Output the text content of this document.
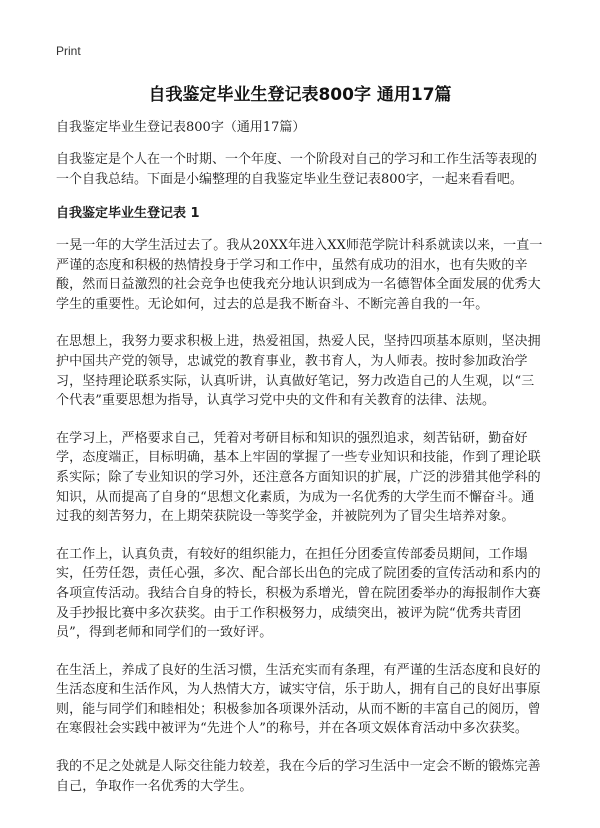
Print
自我鉴定毕业生登记表800字 通用17篇

自我鉴定毕业生登记表800字（通用17篇）

自我鉴定是个人在一个时期、一个年度、一个阶段对自己的学习和工作生活等表现的一个自我总结。下面是小编整理的自我鉴定毕业生登记表800字，一起来看看吧。

自我鉴定毕业生登记表 1

一晃一年的大学生活过去了。我从20XX年进入XX师范学院计科系就读以来，一直一严谨的态度和积极的热情投身于学习和工作中，虽然有成功的泪水，也有失败的辛酸，然而日益激烈的社会竞争也使我充分地认识到成为一名德智体全面发展的优秀大学生的重要性。无论如何，过去的总是我不断奋斗、不断完善自我的一年。

在思想上，我努力要求积极上进，热爱祖国，热爱人民，坚持四项基本原则，坚决拥护中国共产党的领导，忠诚党的教育事业，教书育人，为人师表。按时参加政治学习，坚持理论联系实际，认真听讲，认真做好笔记，努力改造自己的人生观，以“三个代表”重要思想为指导，认真学习党中央的文件和有关教育的法律、法规。

在学习上，严格要求自己，凭着对考研目标和知识的强烈追求，刻苦钻研，勤奋好学，态度端正，目标明确，基本上牢固的掌握了一些专业知识和技能，作到了理论联系实际；除了专业知识的学习外，还注意各方面知识的扩展，广泛的涉猎其他学科的知识，从而提高了自身的“思想文化素质，为成为一名优秀的大学生而不懈奋斗。通过我的刻苦努力，在上期荣获院设一等奖学金，并被院列为了冒尖生培养对象。

在工作上，认真负责，有较好的组织能力，在担任分团委宣传部委员期间，工作塌实，任劳任怨，责任心强，多次、配合部长出色的完成了院团委的宣传活动和系内的各项宣传活动。我结合自身的特长，积极为系增光，曾在院团委举办的海报制作大赛及手抄报比赛中多次获奖。由于工作积极努力，成绩突出，被评为院“优秀共青团员”，得到老师和同学们的一致好评。

在生活上，养成了良好的生活习惯，生活充实而有条理，有严谨的生活态度和良好的生活态度和生活作风，为人热情大方，诚实守信，乐于助人，拥有自己的良好出事原则，能与同学们和睦相处；积极参加各项课外活动，从而不断的丰富自己的阅历，曾在寒假社会实践中被评为“先进个人”的称号，并在各项文娱体育活动中多次获奖。

我的不足之处就是人际交往能力较差，我在今后的学习生活中一定会不断的锻炼完善自己，争取作一名优秀的大学生。
